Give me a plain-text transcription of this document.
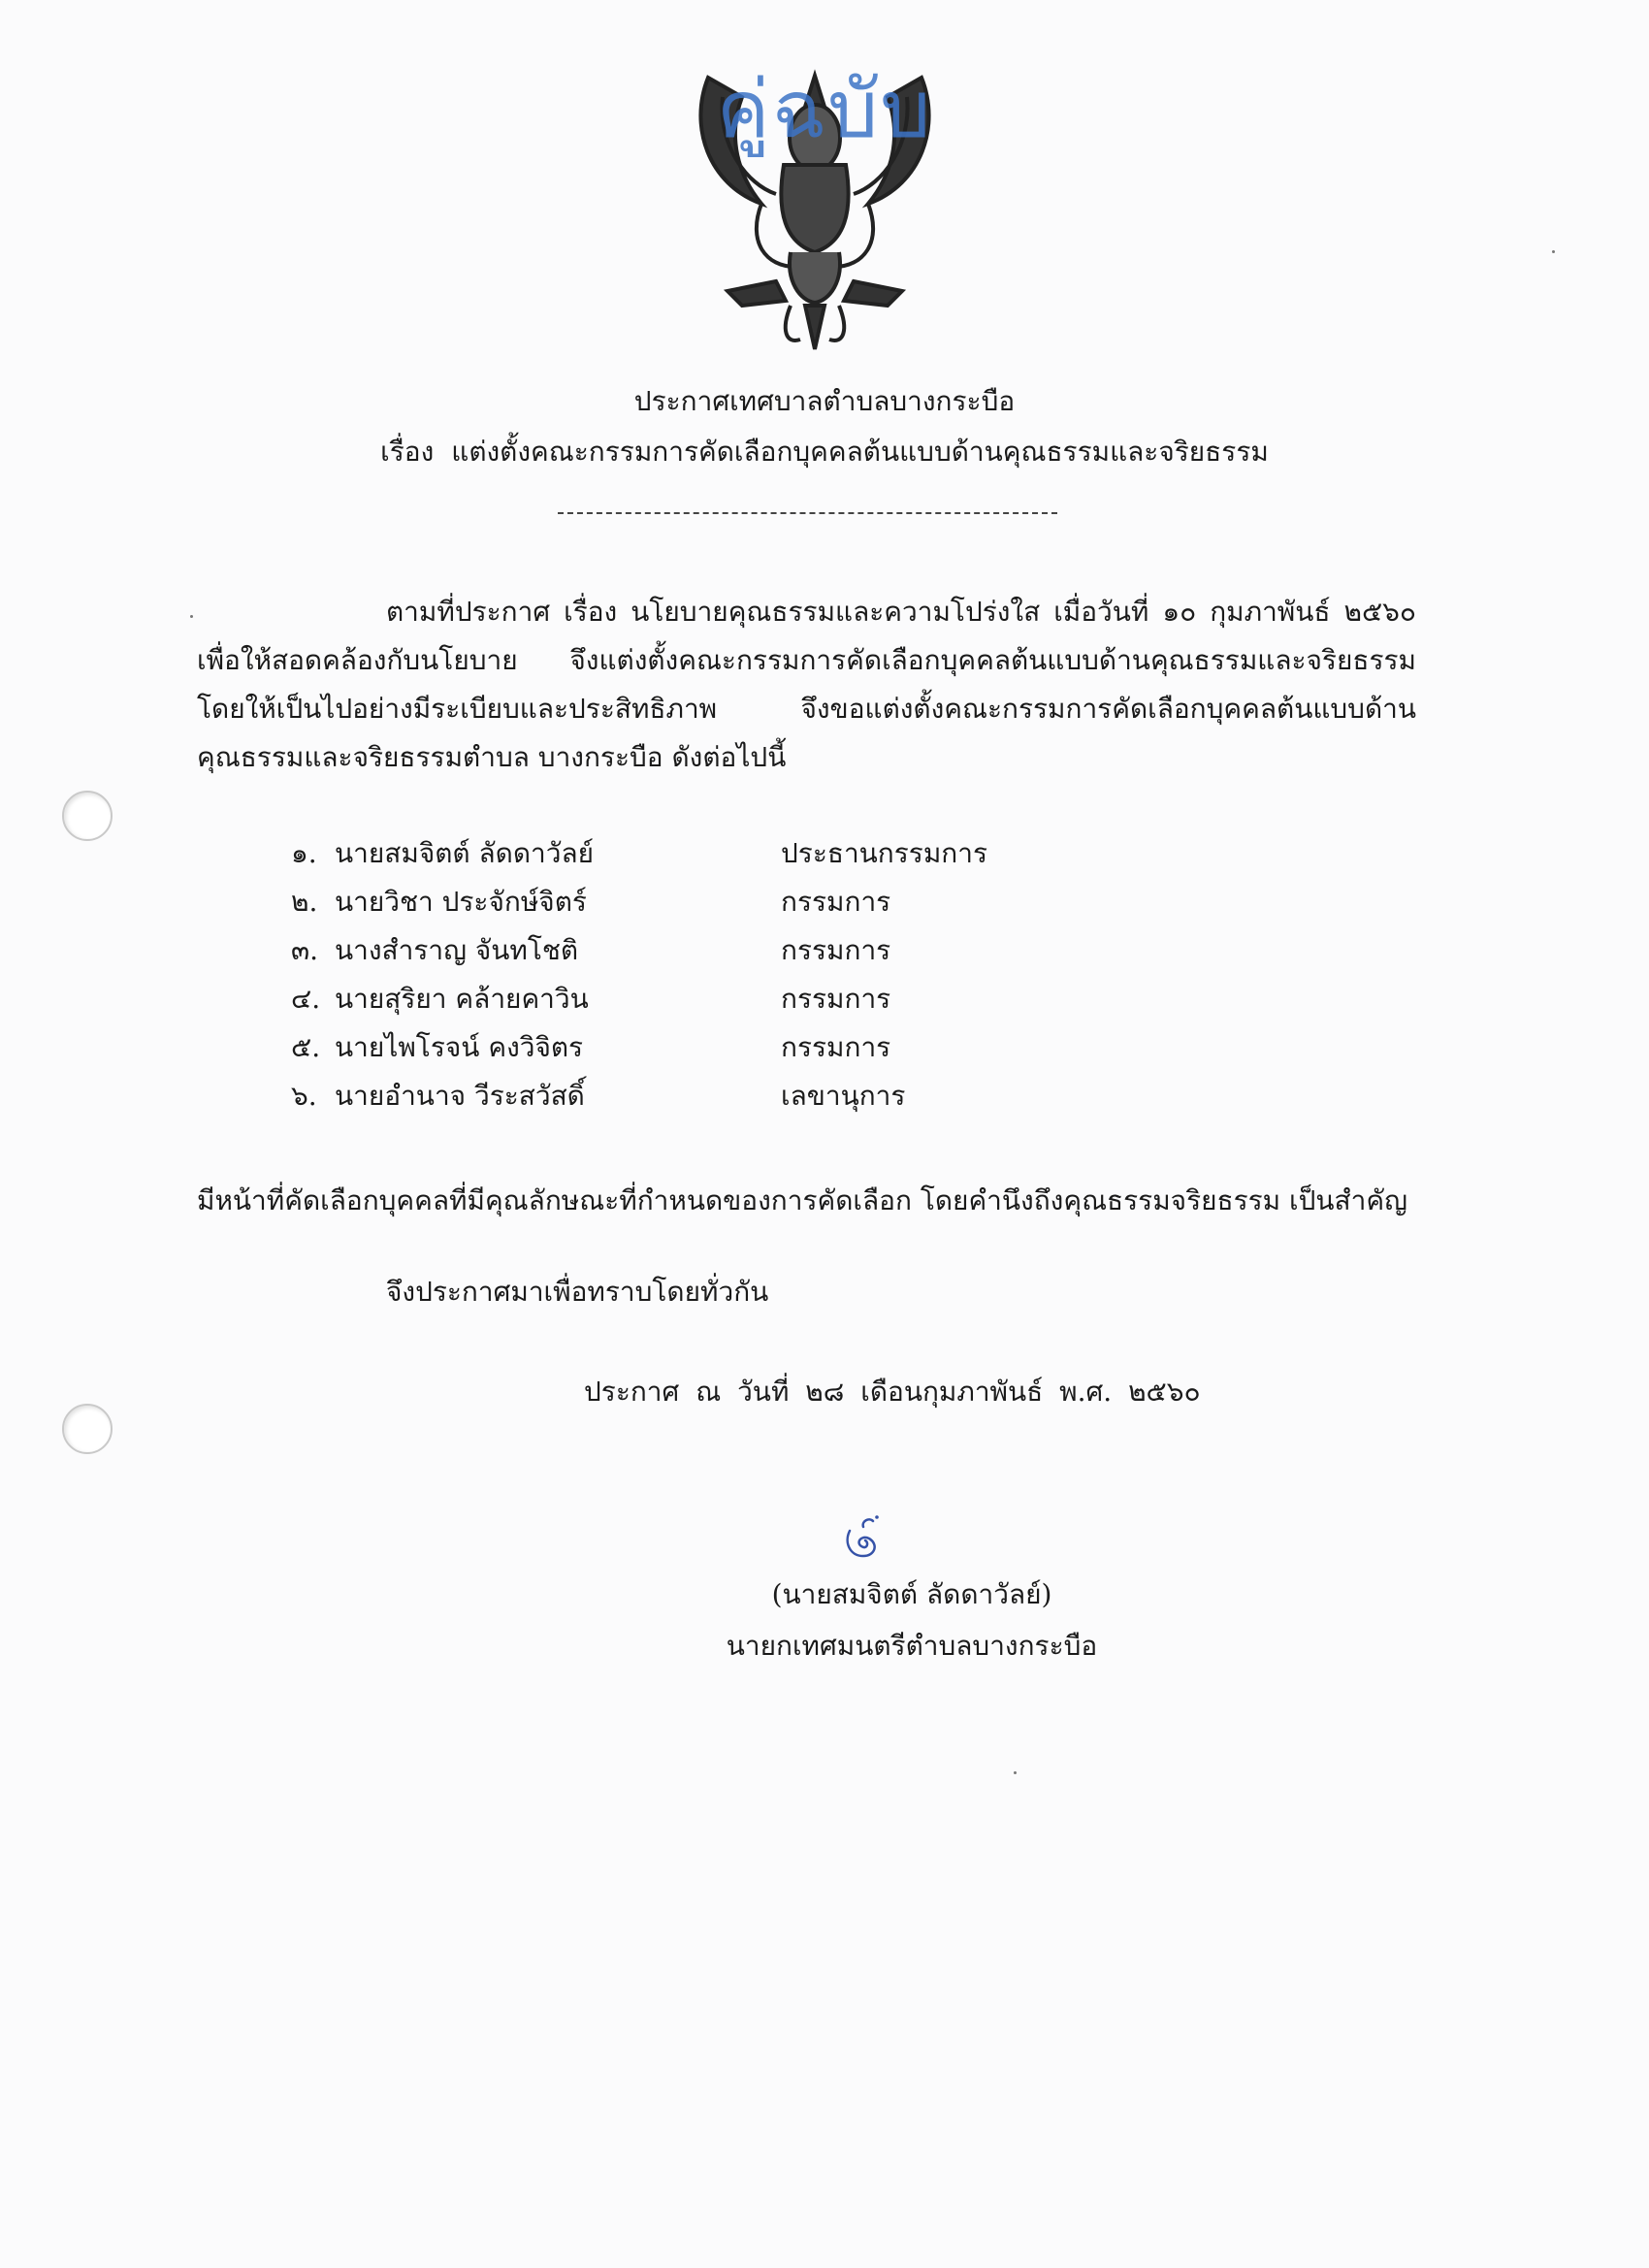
คู่ฉบับ
ประกาศเทศบาลตำบลบางกระบือ
เรื่อง แต่งตั้งคณะกรรมการคัดเลือกบุคคลต้นแบบด้านคุณธรรมและจริยธรรม
ตามที่ประกาศ เรื่อง นโยบายคุณธรรมและความโปร่งใส เมื่อวันที่ ๑๐ กุมภาพันธ์ ๒๕๖๐ เพื่อให้สอดคล้องกับนโยบาย จึงแต่งตั้งคณะกรรมการคัดเลือกบุคคลต้นแบบด้านคุณธรรมและจริยธรรม โดยให้เป็นไปอย่างมีระเบียบและประสิทธิภาพ จึงขอแต่งตั้งคณะกรรมการคัดเลือกบุคคลต้นแบบด้านคุณธรรมและจริยธรรมตำบล บางกระบือ ดังต่อไปนี้
๑. นายสมจิตต์ ลัดดาวัลย์	ประธานกรรมการ
๒. นายวิชา ประจักษ์จิตร์	กรรมการ
๓. นางสำราญ จันทโชติ	กรรมการ
๔. นายสุริยา คล้ายคาวิน	กรรมการ
๕. นายไพโรจน์ คงวิจิตร	กรรมการ
๖. นายอำนาจ วีระสวัสดิ์	เลขานุการ
มีหน้าที่คัดเลือกบุคคลที่มีคุณลักษณะที่กำหนดของการคัดเลือก โดยคำนึงถึงคุณธรรมจริยธรรม เป็นสำคัญ
จึงประกาศมาเพื่อทราบโดยทั่วกัน
ประกาศ ณ วันที่ ๒๘ เดือนกุมภาพันธ์ พ.ศ. ๒๕๖๐
(นายสมจิตต์ ลัดดาวัลย์)
นายกเทศมนตรีตำบลบางกระบือ
